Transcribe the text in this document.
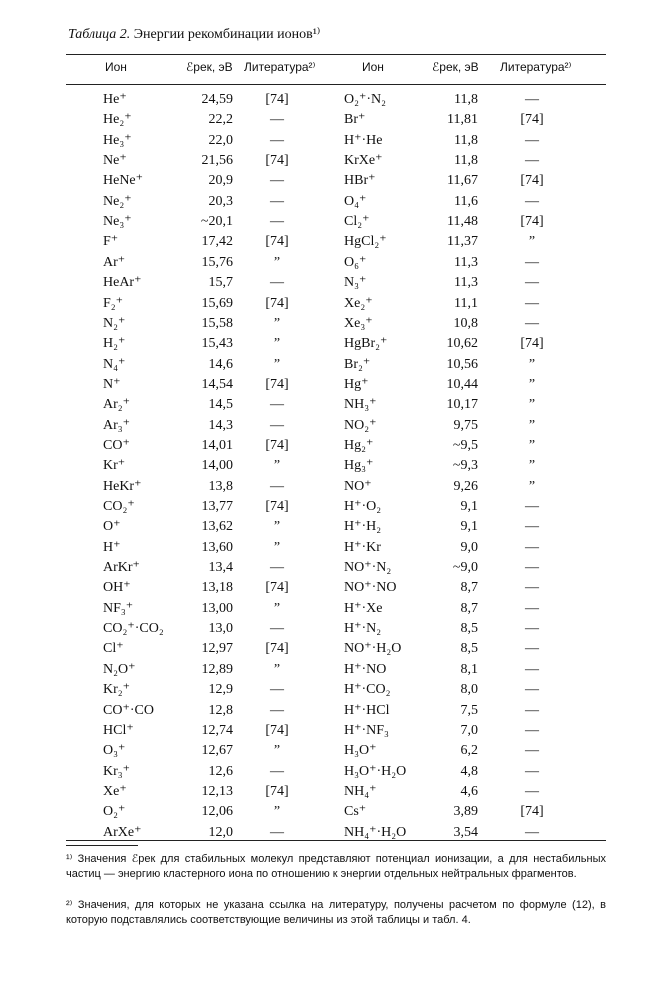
Таблица 2. Энергии рекомбинации ионов¹⁾
Ион	ℰрек, эВ Литература²⁾	Ион	ℰрек, эВ Литература²⁾
He⁺	24,59	[74]	O₂⁺·N₂	11,8	—
He₂⁺	22,2	—	Br⁺	11,81	[74]
He₃⁺	22,0	—	H⁺·He	11,8	—
Ne⁺	21,56	[74]	KrXe⁺	11,8	—
HeNe⁺	20,9	—	HBr⁺	11,67	[74]
Ne₂⁺	20,3	—	O₄⁺	11,6	—
Ne₃⁺	~20,1	—	Cl₂⁺	11,48	[74]
F⁺	17,42	[74]	HgCl₂⁺	11,37	”
Ar⁺	15,76	”	O₆⁺	11,3	—
HeAr⁺	15,7	—	N₃⁺	11,3	—
F₂⁺	15,69	[74]	Xe₂⁺	11,1	—
N₂⁺	15,58	”	Xe₃⁺	10,8	—
H₂⁺	15,43	”	HgBr₂⁺	10,62	[74]
N₄⁺	14,6	”	Br₂⁺	10,56	”
N⁺	14,54	[74]	Hg⁺	10,44	”
Ar₂⁺	14,5	—	NH₃⁺	10,17	”
Ar₃⁺	14,3	—	NO₂⁺	9,75	”
CO⁺	14,01	[74]	Hg₂⁺	~9,5	”
Kr⁺	14,00	”	Hg₃⁺	~9,3	”
HeKr⁺	13,8	—	NO⁺	9,26	”
CO₂⁺	13,77	[74]	H⁺·O₂	9,1	—
O⁺	13,62	”	H⁺·H₂	9,1	—
H⁺	13,60	”	H⁺·Kr	9,0	—
ArKr⁺	13,4	—	NO⁺·N₂	~9,0	—
OH⁺	13,18	[74]	NO⁺·NO	8,7	—
NF₃⁺	13,00	”	H⁺·Xe	8,7	—
CO₂⁺·CO₂	13,0	—	H⁺·N₂	8,5	—
Cl⁺	12,97	[74]	NO⁺·H₂O	8,5	—
N₂O⁺	12,89	”	H⁺·NO	8,1	—
Kr₂⁺	12,9	—	H⁺·CO₂	8,0	—
CO⁺·CO	12,8	—	H⁺·HCl	7,5	—
HCl⁺	12,74	[74]	H⁺·NF₃	7,0	—
O₃⁺	12,67	”	H₃O⁺	6,2	—
Kr₃⁺	12,6	—	H₃O⁺·H₂O	4,8	—
Xe⁺	12,13	[74]	NH₄⁺	4,6	—
O₂⁺	12,06	”	Cs⁺	3,89	[74]
ArXe⁺	12,0	—	NH₄⁺·H₂O	3,54	—
¹⁾ Значения ℰрек для стабильных молекул представляют потенциал ионизации, а для нестабильных частиц — энергию кластерного иона по отношению к энергии отдельных нейтральных фрагментов.
²⁾ Значения, для которых не указана ссылка на литературу, получены расчетом по формуле (12), в которую подставлялись соответствующие величины из этой таблицы и табл. 4.
